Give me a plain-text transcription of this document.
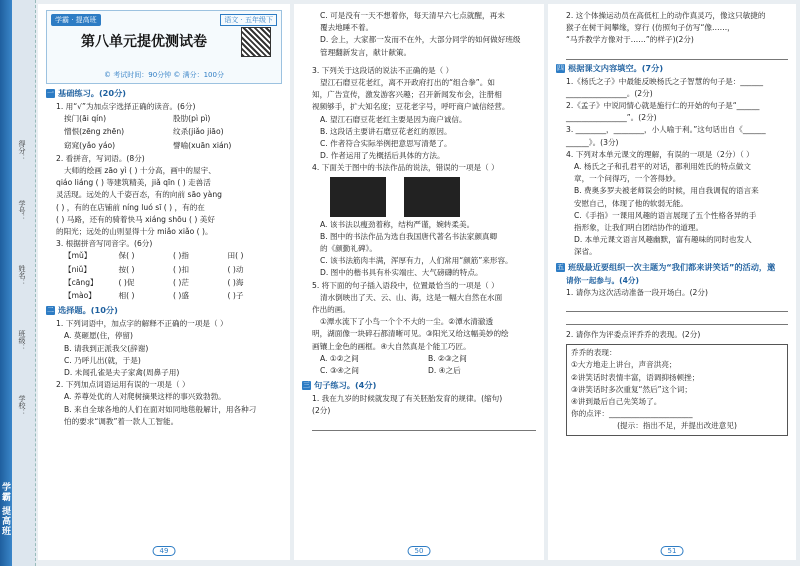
学霸 提高班
学号：
姓名：
班级：
学校：
得分：
学霸 · 提高班	语文 · 五年级下
第八单元提优测试卷
© 考试时间：90分钟 © 满分：100分
一 基础练习。(20分)
1. 用“√”为加点字选择正确的读音。(6分)
挨门(āi qín)	股肋(pì pì)
憎恨(zēng zhēn)	纹杀(jiǎo jiāo)
窈窕(yǎo yáo)	譬喻(xuān xián)
2. 看拼音，写词语。(8分)
大师的绘画 zāo yì ( ) 十分高，画中的屋宇、
qiáo liáng ( ) 等建筑精美，jiǎ qīn ( ) 走兽活
灵活现。远处的人千姿百态，有的向前 sāo yàng
( ) ，有的在店铺前 níng luó sī ( ) ，有的在
( ) 马路，还有的骑着快马 xiáng shōu ( ) 美好
的阳光；远处的山则显得十分 miǎo xiǎo ( )。
3. 根据拼音写同音字。(6分)
【mǔ】	保( )	( )指	田( )
【niǔ】	按( )	( )扣	( )动
【cāng】	( )促	( )茫	( )海
【mào】	相( )	( )盛	( )子
二 选择题。(10分)
1. 下列词语中，加点字的解释不正确的一项是（ ）
A. 莫砸愿(住，停留)
B. 请我到正派我父(辞谢)
C. 乃呼儿出(就，于是)
D. 未闻孔雀是夫子家禽(周鼻子用)
2. 下列加点词语运用有误的一项是（ ）
A. 养尊处优的人对爬树摘果这样的事兴致勃勃。
B. 来自全球各地的人们在面对如同地毯般解计，用各种刁
怕的要求“调教”着一款人工智能。
49
C. 可是没有一天不想着你，每天清早六七点就醒，再未
覆去地睡不着。
D. 会上，大家都一发而不在外，大部分同学的如何做好班级
管理翻新发言，献计献策。
3. 下列关于这段话的说法不正确的是（ ）
望江石磨豆花老红，离不开政府打出的“组合拳”。如
知，广告宣传，激发游客兴趣；召开新闻发布会，注册相
视频够手，扩大知名度；豆花老字号，呼吁商户诚信经营。
A. 望江石磨豆花老红主要是因为商户诚信。
B. 这段话主要讲石磨豆花老红的原因。
C. 作者符合实际举例把意思写清楚了。
D. 作者运用了先概括后具体的方法。
4. 下面关于图中的书法作品的说法，错误的一项是（ ）
A. 该书法以瘦劲着称，结构严谨，婉转柔美。
B. 图中的书法作品为选自我国唐代著名书法家颜真卿
的《颜勤礼碑》。
C. 该书法筋肉丰满，浑厚有力，人们常用“颜筋”来形容。
D. 图中的楷书具有朴实端庄、大气磅礴的特点。
5. 将下面的句子插入语段中，位置最恰当的一项是（ ）
清水倒映出了天、云、山、海，这是一幅大自然在水面
作出的画。
①潭水流下了小鸟一个个不大的一尘。②潭水清澈透
明，湖面像一块碎石都清晰可见。③阳光又给这幅美妙的绘
画镶上金色的画框。④大自然真是个能工巧匠。
A. ①②之间	B. ②③之间
C. ③④之间	D. ④之后
三 句子练习。(4分)
1. 我在九岁的时候就发现了有关胚胎发育的规律。(缩句)
(2分)
50
2. 这个体操运动员在高低杠上的动作真灵巧，像这只敏捷的
猴子在树干间攀缘，穿行 (仿照句子仿写“像……，
“马乔教学方像对于……”的样子)(2分)
四 根据课文内容填空。(7分)
1.《杨氏之子》中最能反映杨氏之子智慧的句子是：______
________________。(2分)
2.《孟子》中说同情心就是施行仁的开始的句子是“______
________________”。(2分)
3. ________，________，小人喻于利。”这句话出自《______
______》。(3分)
4. 下列对本单元课文的理解，有误的一项是（2分）（ ）
A. 杨氏之子和孔君平的对话，都利用姓氏的特点做文
章，一个问得巧，一个答得妙。
B. 费奥多罗夫被老师误会的时候，用自我调侃的语言来
安慰自己，体现了他的软弱无能。
C.《手指》一课用风趣的语言展现了五个性格各异的手
指形象，让我们明白团结协作的道理。
D. 本单元课文语言风趣幽默，富有趣味的同时也发人
深省。
五 班级最近要组织一次主题为“我们都来讲笑话”的活动，邀
请你一起参与。(4分)
1. 请你为这次活动准备一段开场白。(2分)
2. 请你作为评委点评乔乔的表现。(2分)
乔乔的表现：
①大方地走上讲台，声音洪亮；
②讲笑话时表情丰富，语调抑扬顿挫；
③讲笑话时多次重复“然后”这个词；
④讲到最后自己先笑场了。
你的点评：______________________
(提示：指出不足，并提出改进意见)
51
